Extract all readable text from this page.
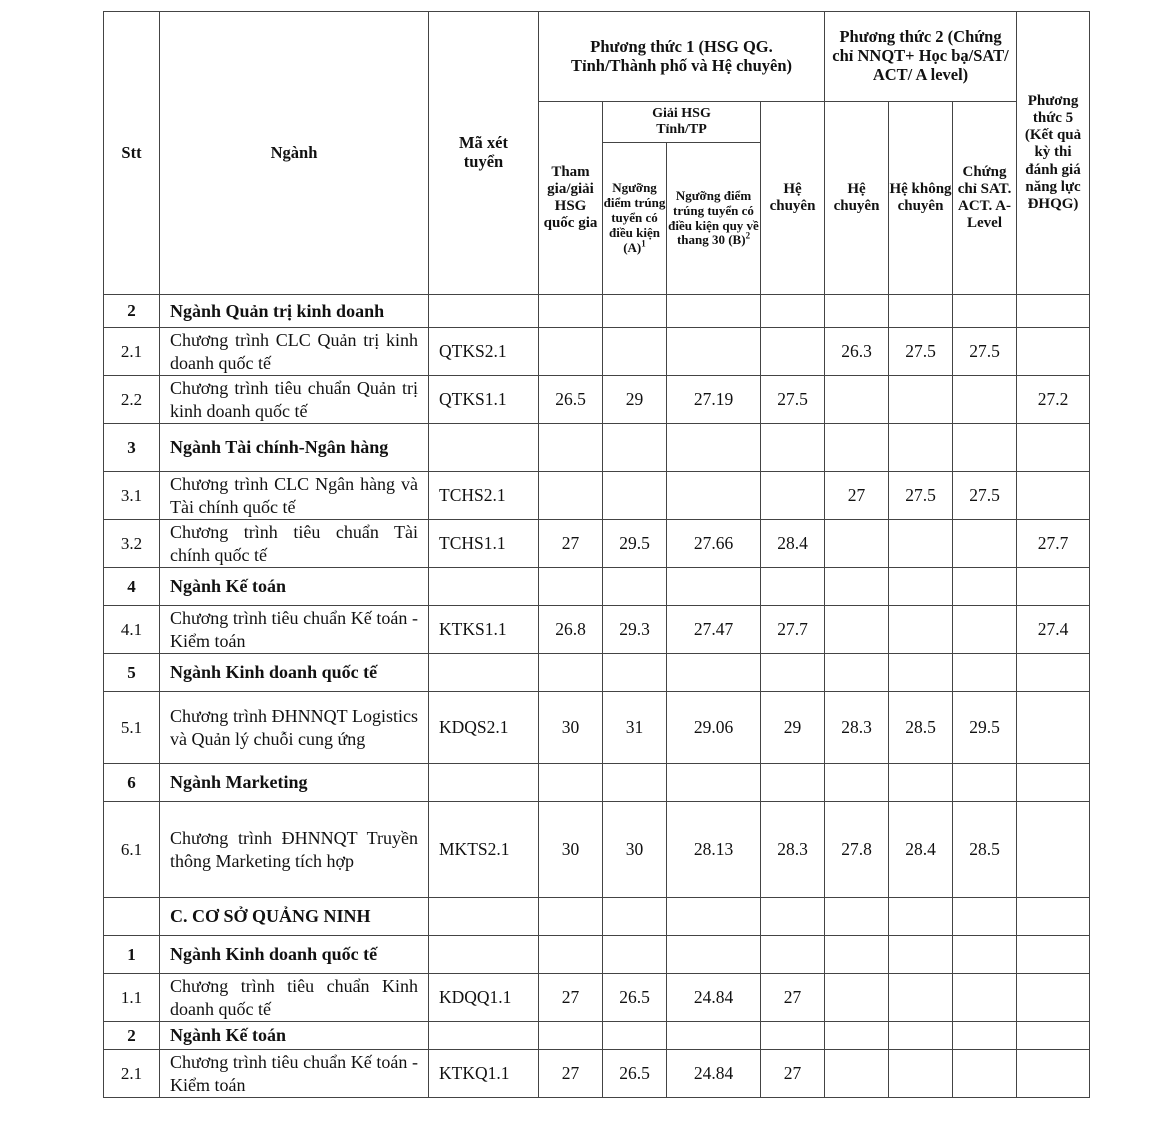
Stt	Ngành	Mã xét tuyển	Phương thức 1 (HSG QG. Tỉnh/Thành phố và Hệ chuyên)				Phương thức 2 (Chứng chỉ NNQT+ Học bạ/SAT/ ACT/ A level)			Phương thức 5 (Kết quả kỳ thi đánh giá năng lực ĐHQG)
			Tham gia/giải HSG quốc gia	Giải HSG Tỉnh/TP		Hệ chuyên	Hệ chuyên	Hệ không chuyên	Chứng chỉ SAT. ACT. A-Level	
				Ngưỡng điểm trúng tuyển có điều kiện $(A)^1$	Ngưỡng điểm trúng tuyển có điều kiện quy về thang 30 $(B)^2$
2	Ngành Quản trị kinh doanh									
2.1	Chương trình CLC Quản trị kinh doanh quốc tế	QTKS2.1					26.3	27.5	27.5	
2.2	Chương trình tiêu chuẩn Quản trị kinh doanh quốc tế	QTKS1.1	26.5	29	27.19	27.5				27.2
3	Ngành Tài chính-Ngân hàng									
3.1	Chương trình CLC Ngân hàng và Tài chính quốc tế	TCHS2.1					27	27.5	27.5	
3.2	Chương trình tiêu chuẩn Tài chính quốc tế	TCHS1.1	27	29.5	27.66	28.4				27.7
4	Ngành Kế toán									
4.1	Chương trình tiêu chuẩn Kế toán - Kiểm toán	KTKS1.1	26.8	29.3	27.47	27.7				27.4
5	Ngành Kinh doanh quốc tế									
5.1	Chương trình ĐHNNQT Logistics và Quản lý chuỗi cung ứng	KDQS2.1	30	31	29.06	29	28.3	28.5	29.5	
6	Ngành Marketing									
6.1	Chương trình ĐHNNQT Truyền thông Marketing tích hợp	MKTS2.1	30	30	28.13	28.3	27.8	28.4	28.5	
	C. CƠ SỞ QUẢNG NINH									
1	Ngành Kinh doanh quốc tế									
1.1	Chương trình tiêu chuẩn Kinh doanh quốc tế	KDQQ1.1	27	26.5	24.84	27				
2	Ngành Kế toán									
2.1	Chương trình tiêu chuẩn Kế toán - Kiểm toán	KTKQ1.1	27	26.5	24.84	27				
